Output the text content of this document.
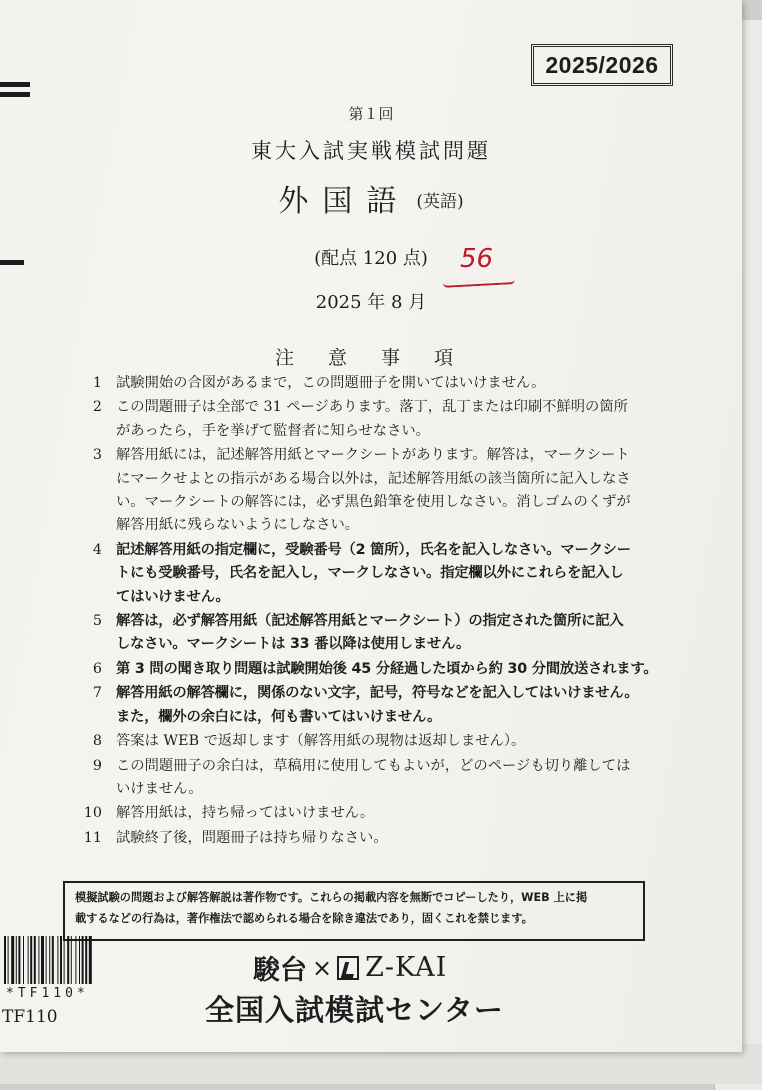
2025/2026
第１回
東大入試実戦模試問題
外国語 (英語)
(配点 120 点)	56
2025 年 8 月
注 意 事 項
1 試験開始の合図があるまで，この問題冊子を開いてはいけません。
2 この問題冊子は全部で 31 ページあります。落丁，乱丁または印刷不鮮明の箇所
があったら，手を挙げて監督者に知らせなさい。
3 解答用紙には，記述解答用紙とマークシートがあります。解答は，マークシート
にマークせよとの指示がある場合以外は，記述解答用紙の該当箇所に記入しなさ
い。マークシートの解答には，必ず黒色鉛筆を使用しなさい。消しゴムのくずが
解答用紙に残らないようにしなさい。
4 記述解答用紙の指定欄に，受験番号（2 箇所），氏名を記入しなさい。マークシー
トにも受験番号，氏名を記入し，マークしなさい。指定欄以外にこれらを記入し
てはいけません。
5 解答は，必ず解答用紙（記述解答用紙とマークシート）の指定された箇所に記入
しなさい。マークシートは 33 番以降は使用しません。
6 第 3 問の聞き取り問題は試験開始後 45 分経過した頃から約 30 分間放送されます。
7 解答用紙の解答欄に，関係のない文字，記号，符号などを記入してはいけません。
また，欄外の余白には，何も書いてはいけません。
8 答案は WEB で返却します（解答用紙の現物は返却しません）。
9 この問題冊子の余白は，草稿用に使用してもよいが，どのページも切り離しては
いけません。
10 解答用紙は，持ち帰ってはいけません。
11 試験終了後，問題冊子は持ち帰りなさい。
模擬試験の問題および解答解説は著作物です。これらの掲載内容を無断でコピーしたり，WEB 上に掲
載するなどの行為は，著作権法で認められる場合を除き違法であり，固くこれを禁じます。
*TF110*
TF110
駿台 × Z-KAI
全国入試模試センター
